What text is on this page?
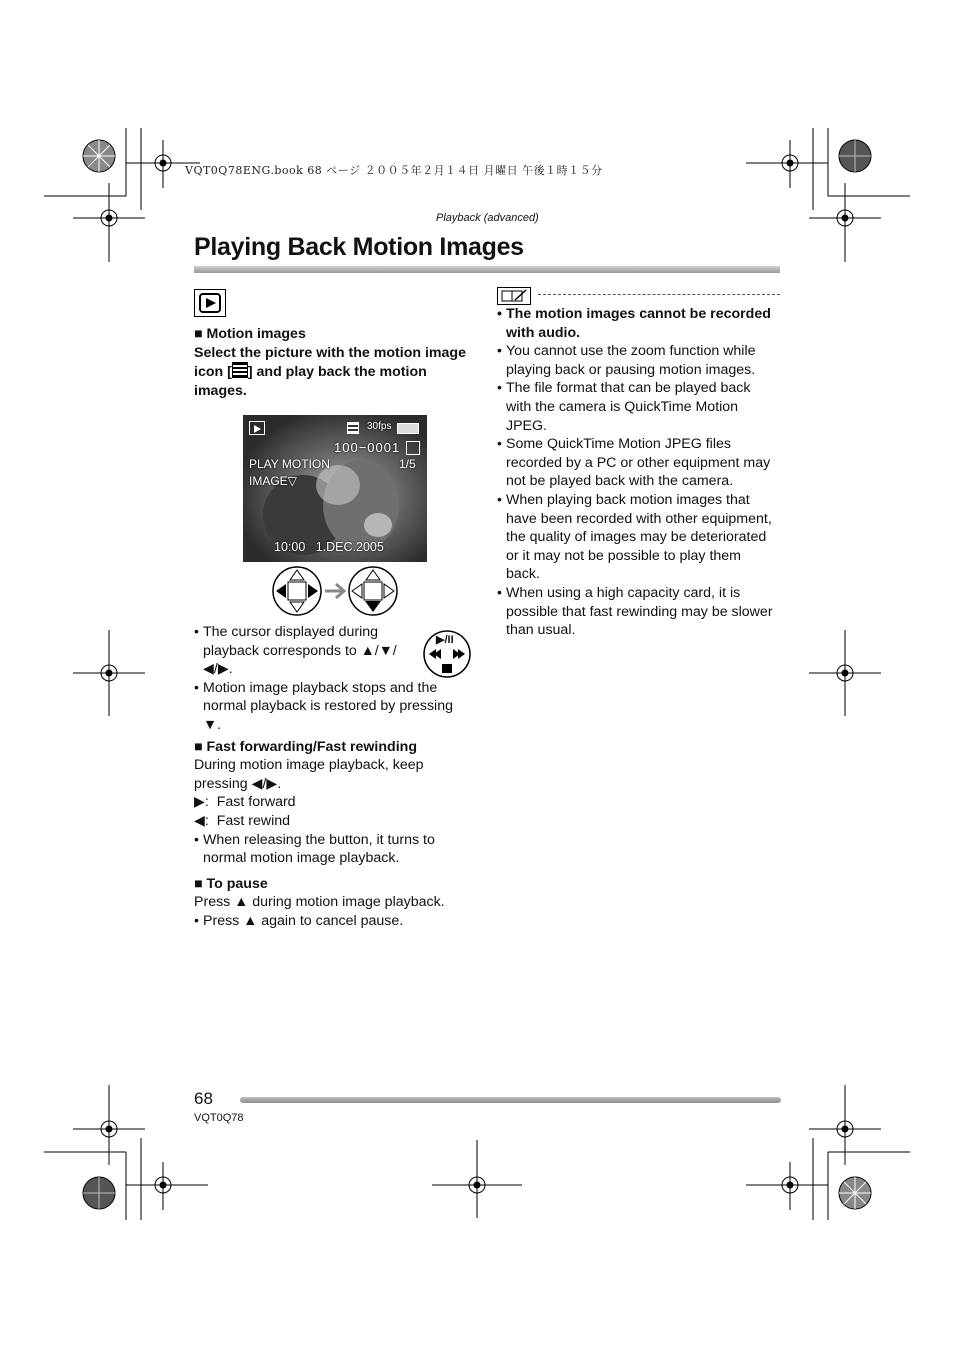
VQT0Q78ENG.book 68 ページ ２００５年２月１４日 月曜日 午後１時１５分
Playback (advanced)
Playing Back Motion Images

■ Motion images

Select the picture with the motion image

icon [ ] and play back the motion

images.

30fps
100−0001
PLAY MOTION	1/5
IMAGE▽
10:00   1.DEC.2005
▶/II

• The cursor displayed during

playback corresponds to ▲/▼/

◀/▶.

• Motion image playback stops and the

normal playback is restored by pressing

▼.

■ Fast forwarding/Fast rewinding

During motion image playback, keep

pressing ◀/▶.

▶:  Fast forward

◀:  Fast rewind

• When releasing the button, it turns to

normal motion image playback.

■ To pause

Press ▲ during motion image playback.

• Press ▲ again to cancel pause.

• The motion images cannot be recorded

with audio.

• You cannot use the zoom function while

playing back or pausing motion images.

• The file format that can be played back

with the camera is QuickTime Motion

JPEG.

• Some QuickTime Motion JPEG files

recorded by a PC or other equipment may

not be played back with the camera.

• When playing back motion images that

have been recorded with other equipment,

the quality of images may be deteriorated

or it may not be possible to play them

back.

• When using a high capacity card, it is

possible that fast rewinding may be slower

than usual.

68
VQT0Q78
